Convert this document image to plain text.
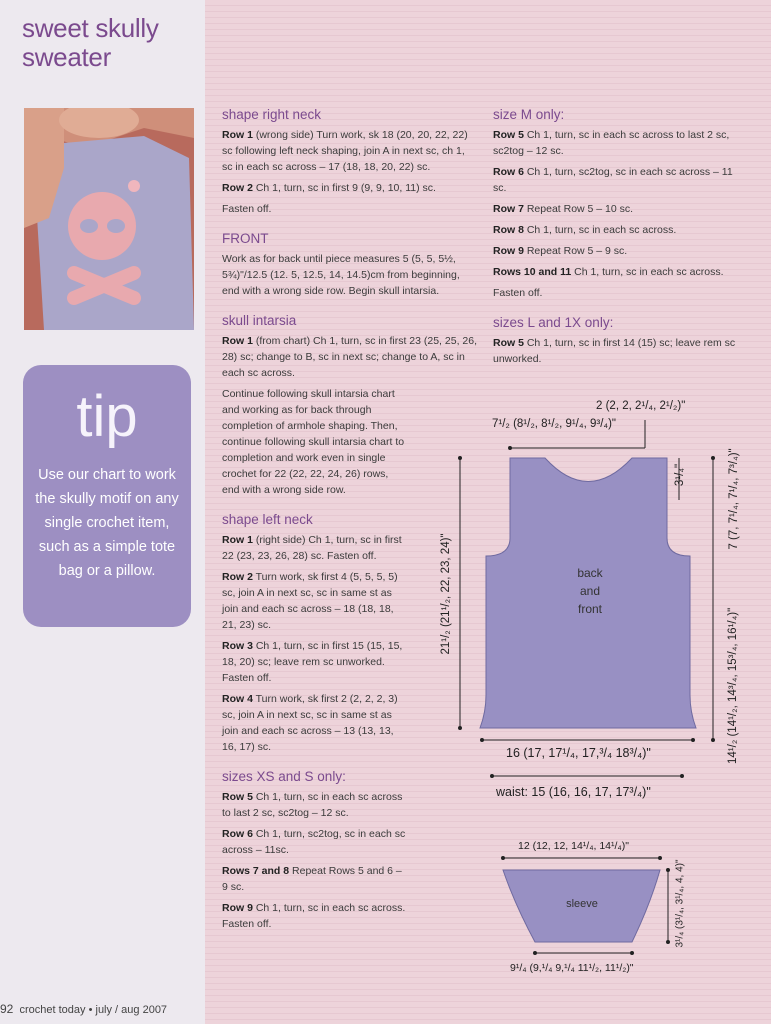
sweet skully
sweater
tip
Use our chart to work the skully motif on any single crochet item, such as a simple tote bag or a pillow.
92 crochet today • july / aug 2007
shape right neck

Row 1 (wrong side) Turn work, sk 18 (20, 20, 22, 22) sc following left neck shaping, join A in next sc, ch 1, sc in each sc across – 17 (18, 18, 20, 22) sc.

Row 2 Ch 1, turn, sc in first 9 (9, 9, 10, 11) sc.

Fasten off.

FRONT

Work as for back until piece measures 5 (5, 5, 5½, 5¾)"/12.5 (12. 5, 12.5, 14, 14.5)cm from beginning, end with a wrong side row. Begin skull intarsia.

skull intarsia

Row 1 (from chart) Ch 1, turn, sc in first 23 (25, 25, 26, 28) sc; change to B, sc in next sc; change to A, sc in each sc across.

Continue following skull intarsia chart and working as for back through completion of armhole shaping. Then, continue following skull intarsia chart to completion and work even in single crochet for 22 (22, 22, 24, 26) rows, end with a wrong side row.

shape left neck

Row 1 (right side) Ch 1, turn, sc in first 22 (23, 23, 26, 28) sc. Fasten off.

Row 2 Turn work, sk first 4 (5, 5, 5, 5) sc, join A in next sc, sc in same st as join and each sc across – 18 (18, 18, 21, 23) sc.

Row 3 Ch 1, turn, sc in first 15 (15, 15, 18, 20) sc; leave rem sc unworked. Fasten off.

Row 4 Turn work, sk first 2 (2, 2, 2, 3) sc, join A in next sc, sc in same st as join and each sc across – 13 (13, 13, 16, 17) sc.

sizes XS and S only:

Row 5 Ch 1, turn, sc in each sc across to last 2 sc, sc2tog – 12 sc.

Row 6 Ch 1, turn, sc2tog, sc in each sc across – 11sc.

Rows 7 and 8 Repeat Rows 5 and 6 – 9 sc.

Row 9 Ch 1, turn, sc in each sc across. Fasten off.

size M only:

Row 5 Ch 1, turn, sc in each sc across to last 2 sc, sc2tog – 12 sc.

Row 6 Ch 1, turn, sc2tog, sc in each sc across – 11 sc.

Row 7 Repeat Row 5 – 10 sc.

Row 8 Ch 1, turn, sc in each sc across.

Row 9 Repeat Row 5 – 9 sc.

Rows 10 and 11 Ch 1, turn, sc in each sc across.

Fasten off.

sizes L and 1X only:

Row 5 Ch 1, turn, sc in first 14 (15) sc; leave rem sc unworked.

2 (2, 2, 2¹/₄, 2¹/₂)"
7¹/₂ (8¹/₂, 8¹/₂, 9¹/₄, 9³/₄)"
3¹/₄"
21¹/₂ (21¹/₂, 22, 23, 24)"
7 (7, 7¹/₄, 7¹/₄, 7³/₄)"
14¹/₂ (14¹/₂, 14³/₄, 15³/₄, 16¹/₄)"
back
and
front
16 (17, 17¹/₄, 17,³/₄ 18³/₄)"
waist: 15 (16, 16, 17, 17³/₄)"
12 (12, 12, 14¹/₄, 14¹/₄)"
sleeve	3¹/₄ (3¹/₄, 3¹/₄, 4, 4)"
9¹/₄ (9,¹/₄ 9,¹/₄ 11¹/₂, 11¹/₂)"
